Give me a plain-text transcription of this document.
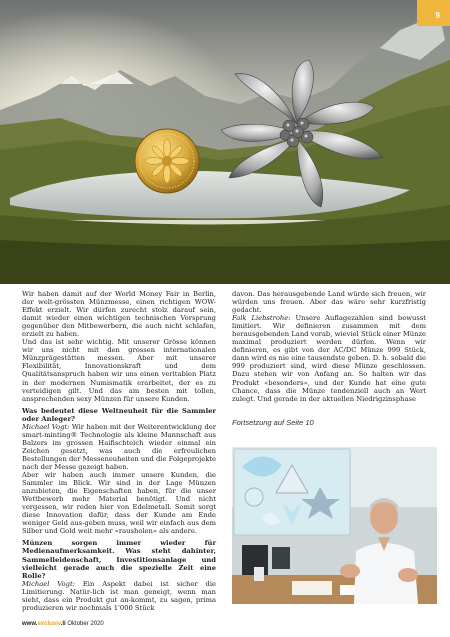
9

Wir haben damit auf der World Money Fair in Berlin, der welt-grössten Münzmesse, einen richtigen WOW-Effekt erzielt. Wir dürfen zurecht stolz darauf sein, damit wieder einen wichtigen technischen Vorsprung gegenüber den Mitbewerbern, die auch nicht schlafen, erzielt zu haben.

Und das ist sehr wichtig. Mit unserer Grösse können wir uns nicht mit den grossen internationalen Münzprägestätten messen. Aber mit unserer Flexibilität, Innovationskraft und dem Qualitätsanspruch haben wir uns einen veritablen Platz in der modernen Numismatik erarbeitet, der es zu verteidigen gilt. Und das am besten mit tollen, ansprechenden sexy Münzen für unsere Kunden.

Was bedeutet diese Weltneuheit für die Sammler oder Anleger?

Michael Vogt: Wir haben mit der Weiterentwicklung der smart-minting® Technologie als kleine Mannschaft aus Balzers im grossen Haifischteich wieder einmal ein Zeichen gesetzt, was auch die erfreulichen Bestellungen der Messeneuheiten und die Folgeprojekte nach der Messe gezeigt haben.

Aber wir haben auch immer unsere Kunden, die Sammler im Blick. Wir sind in der Lage Münzen anzubieten, die Eigenschaften haben, für die unser Wettbewerb mehr Material benötigt. Und nicht vergessen, wir reden hier von Edelmetall. Somit sorgt diese Innovation dafür, dass der Kunde am Ende weniger Geld aus-geben muss, weil wir einfach aus dem Silber und Gold weit mehr «rausholen» als andere.

Münzen sorgen immer wieder für Medienaufmerksamkeit. Was steht dahinter, Sammelleidenschaft, Investitionsanlage und vielleicht gerade auch die spezielle Zeit eine Rolle?

Michael Vogt: Ein Aspekt dabei ist sicher die Limitierung. Natür-lich ist man geneigt, wenn man sieht, dass ein Produkt gut an-kommt, zu sagen, prima produzieren wir nochmals 1'000 Stück

davon. Das herausgebende Land würde sich freuen, wir würden uns freuen. Aber das wäre sehr kurzfristig gedacht.

Falk Liebstrohe: Unsere Auflagezahlen sind bewusst limitiert. Wir definieren zusammen mit dem herausgebenden Land vorab, wieviel Stück einer Münze maximal produziert werden dürfen. Wenn wir definieren, es gibt von der AC/DC Münze 999 Stück, dann wird es nie eine tausendste geben. D. h. sobald die 999 produziert sind, wird diese Münze geschlossen. Dazu stehen wir von Anfang an. So halten wir das Produkt «besonders», und der Kunde hat eine gute Chance, dass die Münze tendenziell auch an Wert zulegt. Und gerade in der aktuellen Niedrigzinsphase

Fortsetzung auf Seite 10

www.exclusiv.li Oktober 2020
